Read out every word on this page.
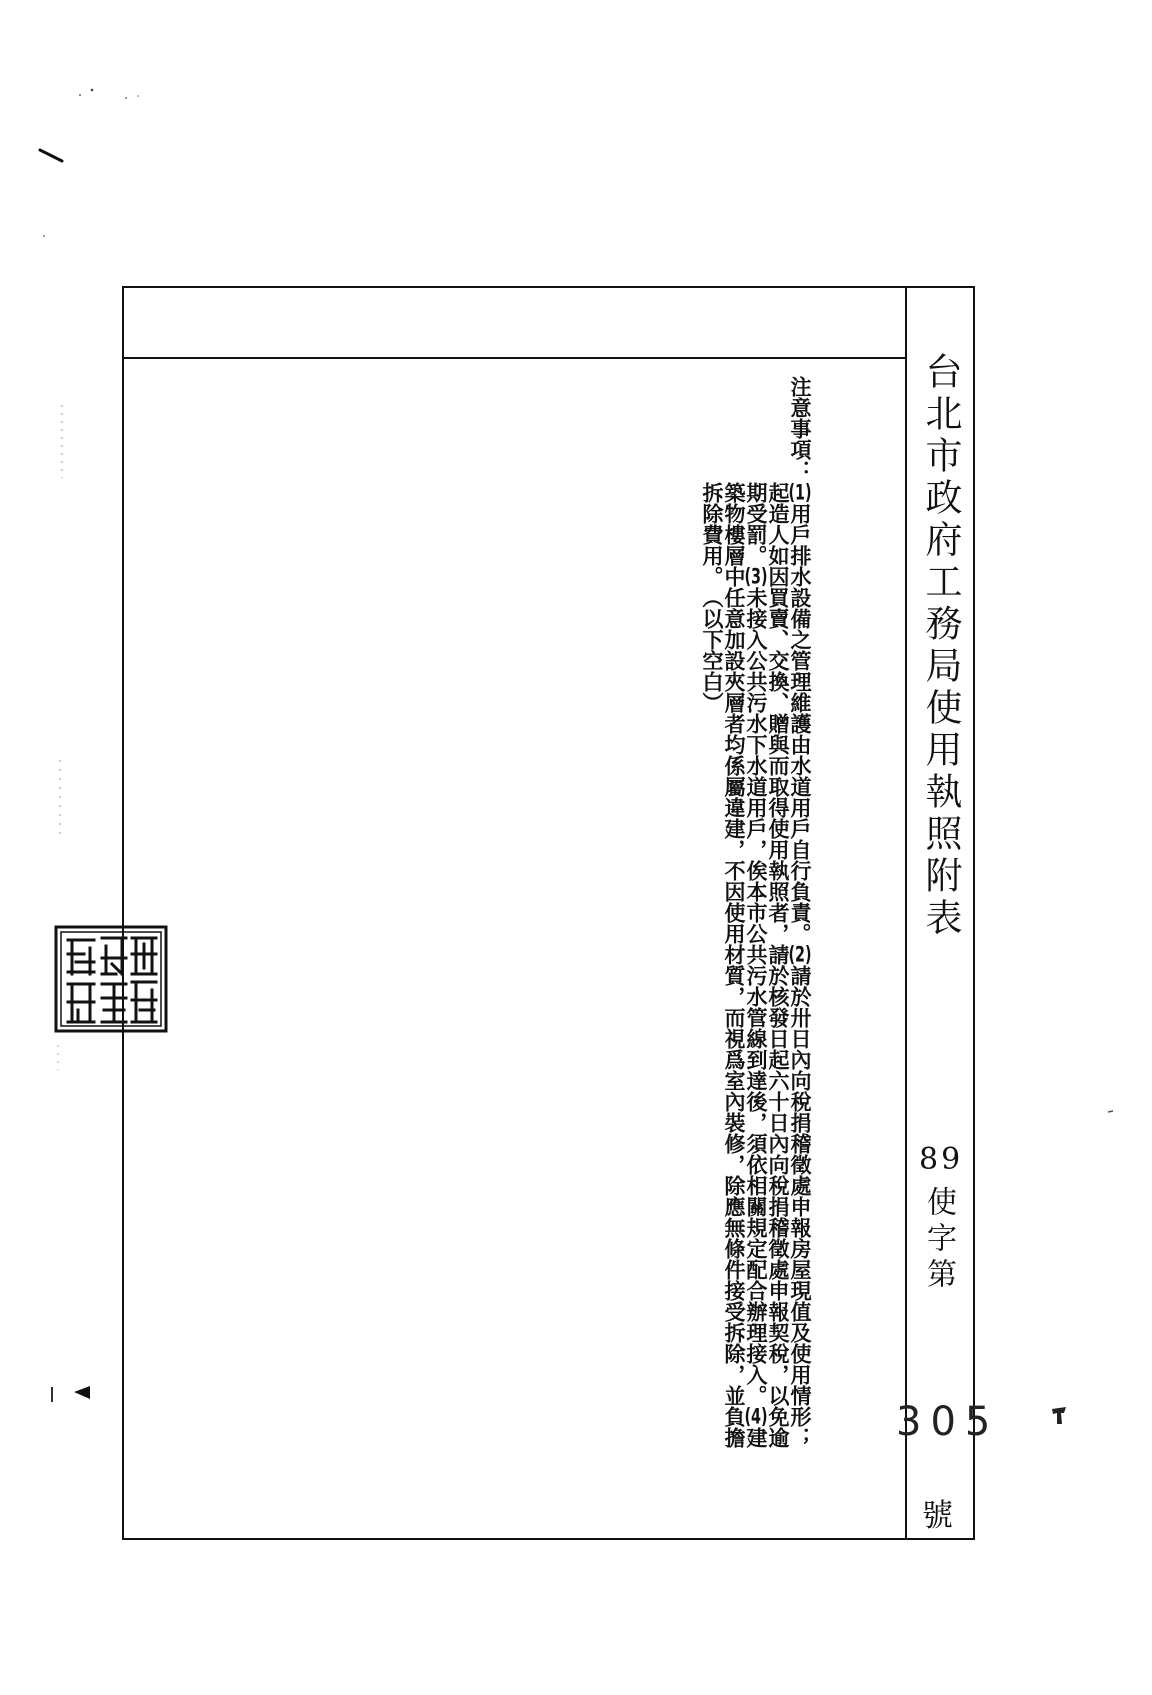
台北市政府工務局使用執照附表
89
使字第
305
號
注意事項：
(1)用戶排水設備之管理維護由水道用戶自行負責。(2)請於卅日內向稅捐稽徵處申報房屋現值及使用情形；起造人如因買賣、交換、贈與而取得使用執照者，請於核發日起六十日內向稅捐稽徵處申報契稅，以免逾期受罰。(3)未接入公共污水下水道用戶，俟本市公共污水管線到達後，須依相關規定配合辦理接入。(4)建築物樓層中任意加設夾層者均係屬違建，不因使用材質，而視爲室內裝修，除應無條件接受拆除，並負擔拆除費用。（以下空白）
